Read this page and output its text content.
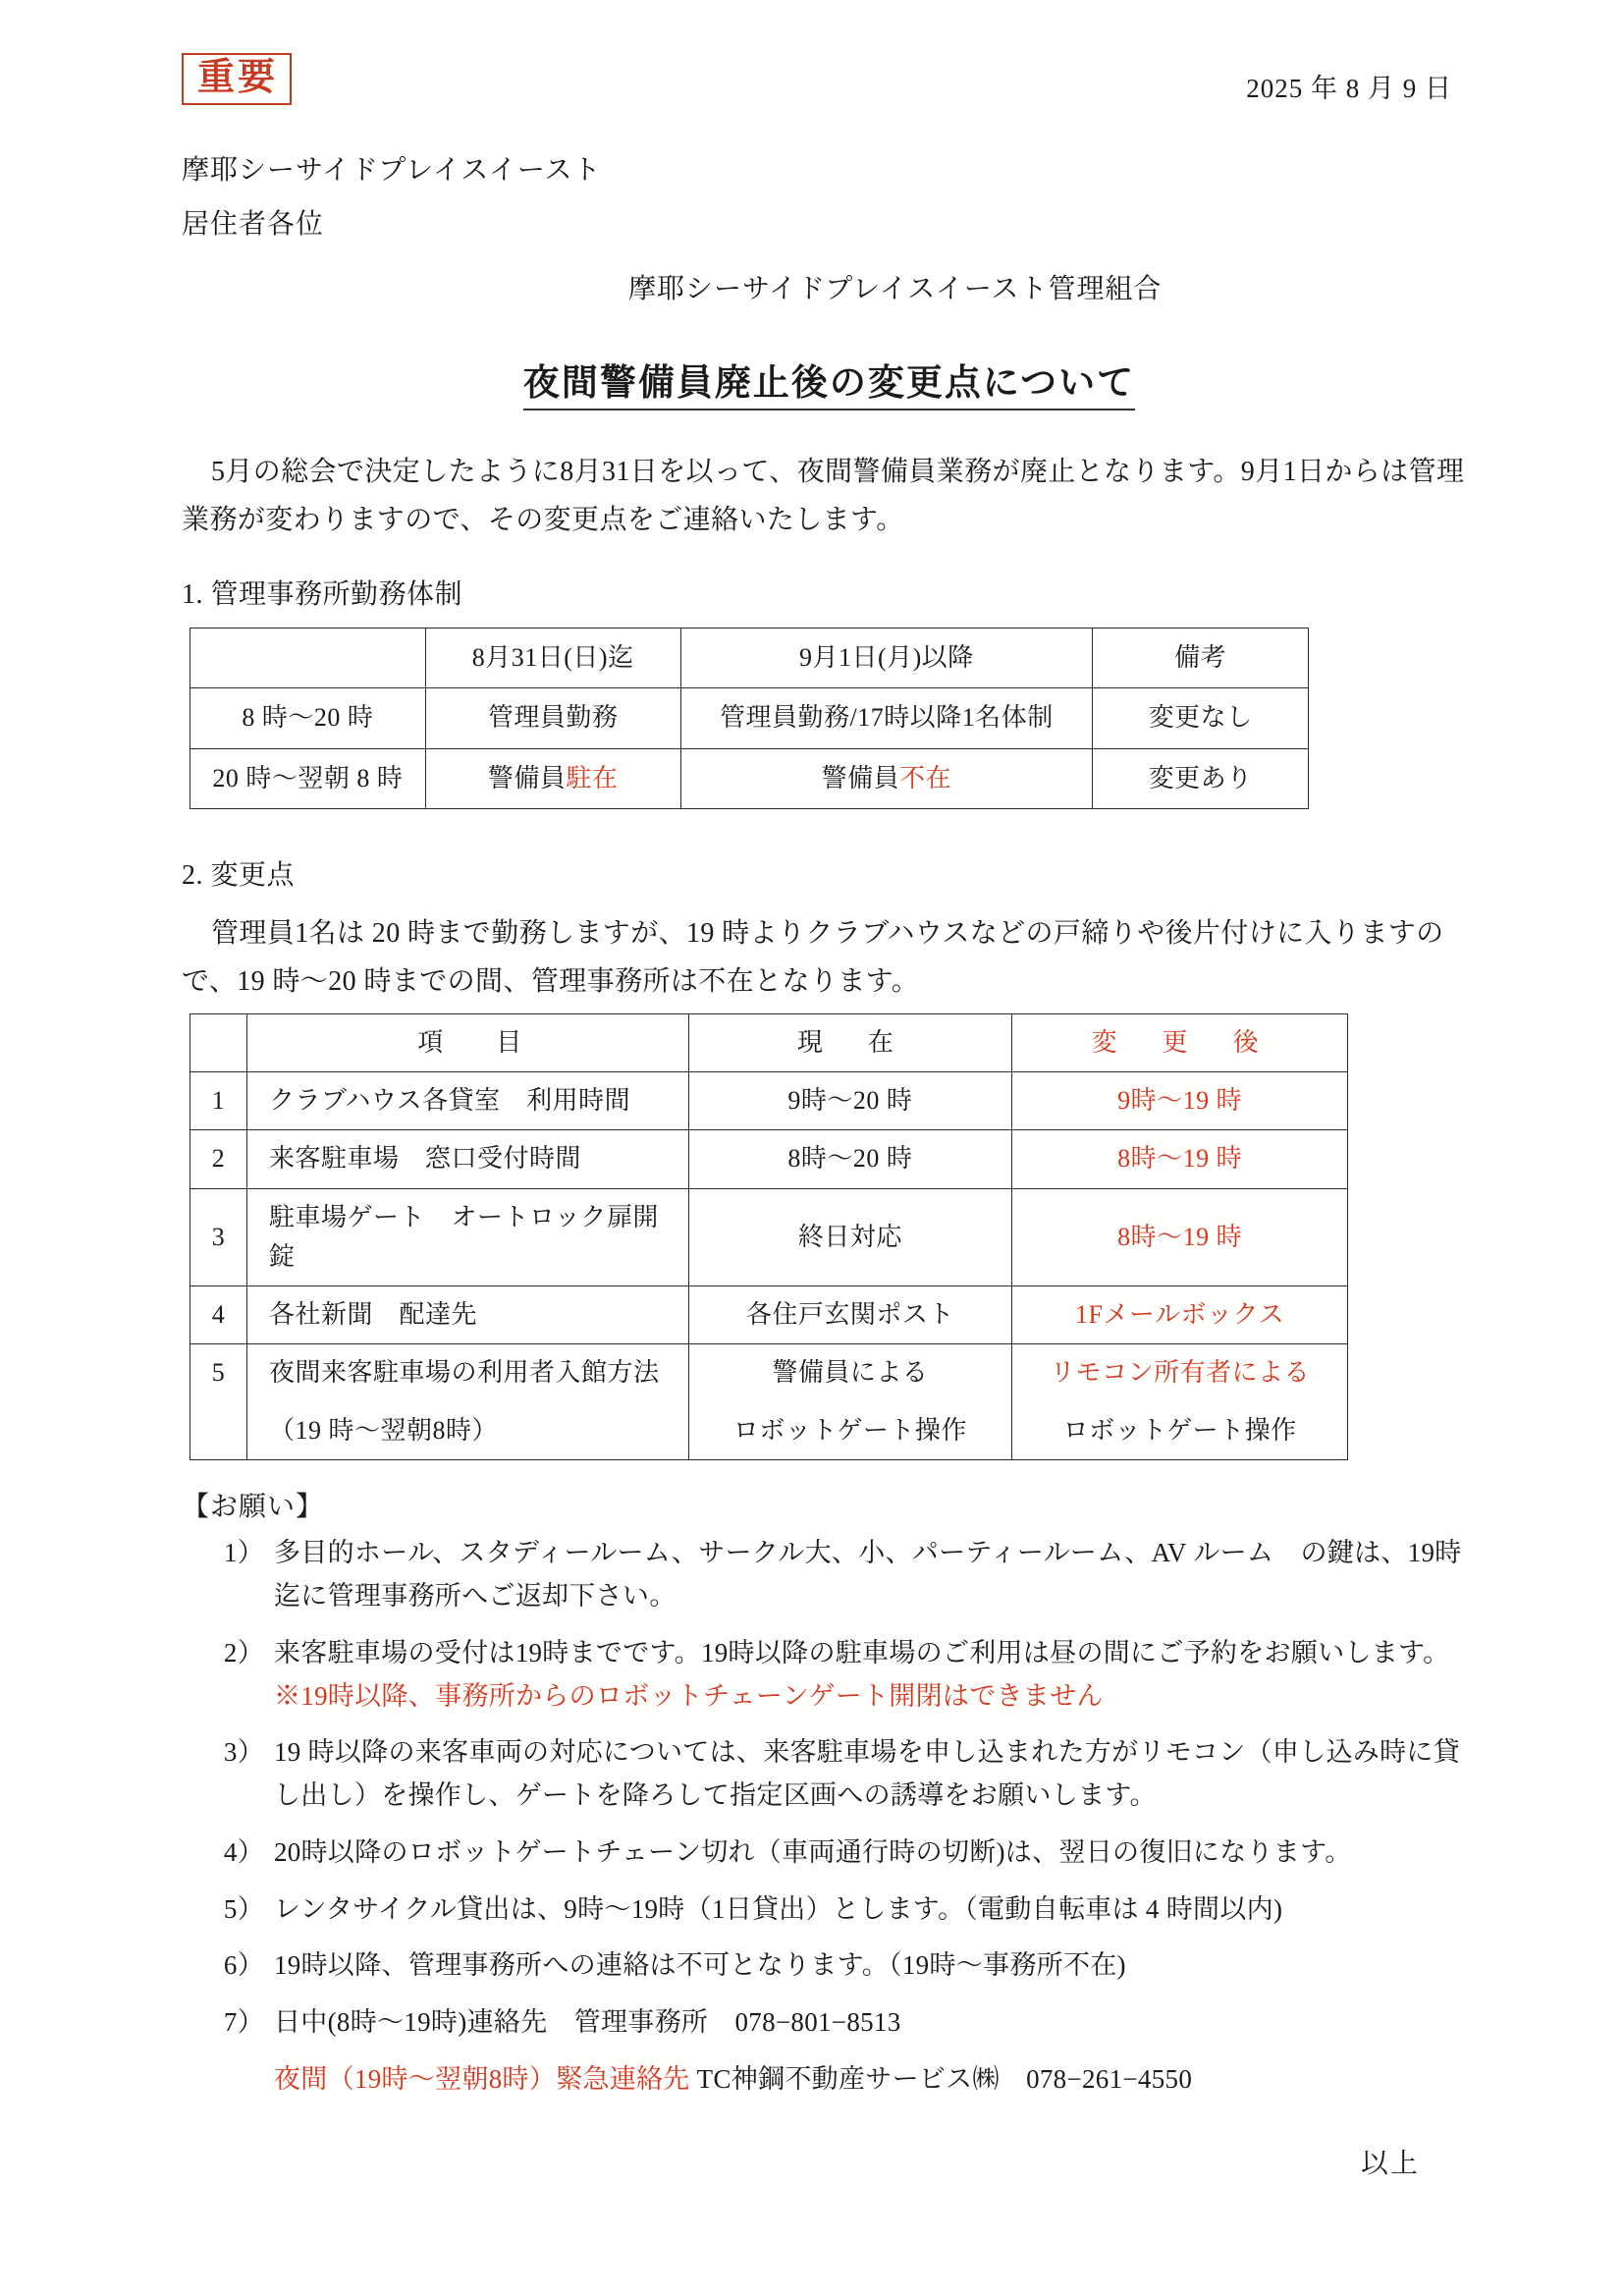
重要	2025 年 8 月 9 日
摩耶シーサイドプレイスイースト
居住者各位
摩耶シーサイドプレイスイースト管理組合
夜間警備員廃止後の変更点について

5月の総会で決定したように8月31日を以って、夜間警備員業務が廃止となります。9月1日からは管理業務が変わりますので、その変更点をご連絡いたします。

1. 管理事務所勤務体制
	8月31日(日)迄	9月1日(月)以降	備考
8 時〜20 時	管理員勤務	管理員勤務/17時以降1名体制	変更なし
20 時〜翌朝 8 時	警備員駐在	警備員不在	変更あり
2. 変更点

管理員1名は 20 時まで勤務しますが、19 時よりクラブハウスなどの戸締りや後片付けに入りますので、19 時〜20 時までの間、管理事務所は不在となります。

	項　目	現　在	変　更　後
1	クラブハウス各貸室　利用時間	9時〜20 時	9時〜19 時
2	来客駐車場　窓口受付時間	8時〜20 時	8時〜19 時
3	駐車場ゲート　オートロック扉開錠	終日対応	8時〜19 時
4	各社新聞　配達先	各住戸玄関ポスト	1Fメールボックス
5	夜間来客駐車場の利用者入館方法	警備員による	リモコン所有者による
	（19 時〜翌朝8時）	ロボットゲート操作	ロボットゲート操作
【お願い】
1） 多目的ホール、スタディールーム、サークル大、小、パーティールーム、AV ルーム　の鍵は、19時迄に管理事務所へご返却下さい。
2） 来客駐車場の受付は19時までです。19時以降の駐車場のご利用は昼の間にご予約をお願いします。　※19時以降、事務所からのロボットチェーンゲート開閉はできません
3） 19 時以降の来客車両の対応については、来客駐車場を申し込まれた方がリモコン（申し込み時に貸し出し）を操作し、ゲートを降ろして指定区画への誘導をお願いします。
4） 20時以降のロボットゲートチェーン切れ（車両通行時の切断)は、翌日の復旧になります。
5） レンタサイクル貸出は、9時〜19時（1日貸出）とします。（電動自転車は 4 時間以内)
6） 19時以降、管理事務所への連絡は不可となります。（19時〜事務所不在)
7） 日中(8時〜19時)連絡先　管理事務所　078−801−8513
夜間（19時〜翌朝8時）緊急連絡先 TC神鋼不動産サービス㈱　078−261−4550
以上
